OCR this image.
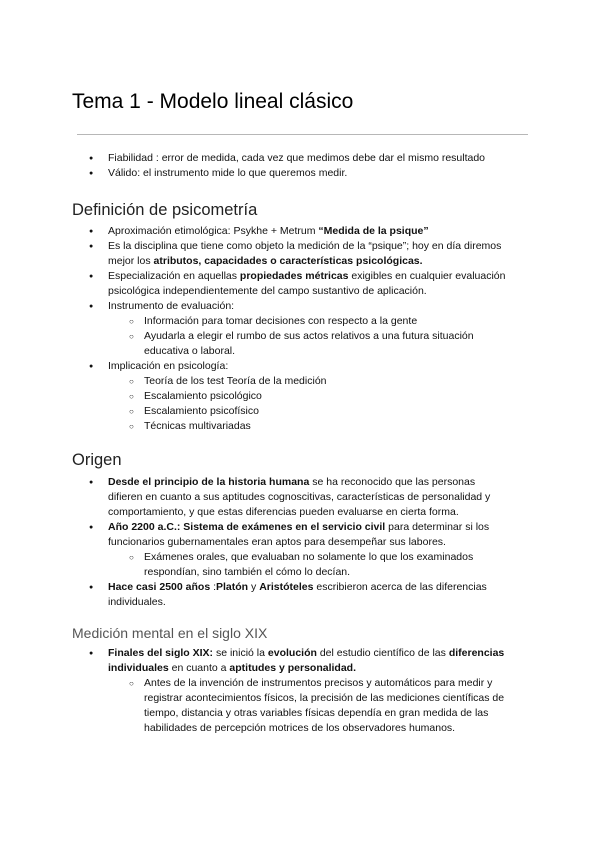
Tema 1 - Modelo lineal clásico
● Fiabilidad : error de medida, cada vez que medimos debe dar el mismo resultado
● Válido: el instrumento mide lo que queremos medir.
Definición de psicometría
● Aproximación etimológica: Psykhe + Metrum “Medida de la psique”
● Es la disciplina que tiene como objeto la medición de la “psique”; hoy en día diremos mejor los atributos, capacidades o características psicológicas.
● Especialización en aquellas propiedades métricas exigibles en cualquier evaluación psicológica independientemente del campo sustantivo de aplicación.
● Instrumento de evaluación:
○ Información para tomar decisiones con respecto a la gente
○ Ayudarla a elegir el rumbo de sus actos relativos a una futura situación educativa o laboral.
● Implicación en psicología:
○ Teoría de los test Teoría de la medición
○ Escalamiento psicológico
○ Escalamiento psicofísico
○ Técnicas multivariadas
Origen
● Desde el principio de la historia humana se ha reconocido que las personas difieren en cuanto a sus aptitudes cognoscitivas, características de personalidad y comportamiento, y que estas diferencias pueden evaluarse en cierta forma.
● Año 2200 a.C.: Sistema de exámenes en el servicio civil para determinar si los funcionarios gubernamentales eran aptos para desempeñar sus labores.
○ Exámenes orales, que evaluaban no solamente lo que los examinados respondían, sino también el cómo lo decían.
● Hace casi 2500 años :Platón y Aristóteles escribieron acerca de las diferencias individuales.
Medición mental en el siglo XIX
● Finales del siglo XIX: se inició la evolución del estudio científico de las diferencias individuales en cuanto a aptitudes y personalidad.
○ Antes de la invención de instrumentos precisos y automáticos para medir y registrar acontecimientos físicos, la precisión de las mediciones científicas de tiempo, distancia y otras variables físicas dependía en gran medida de las habilidades de percepción motrices de los observadores humanos.
